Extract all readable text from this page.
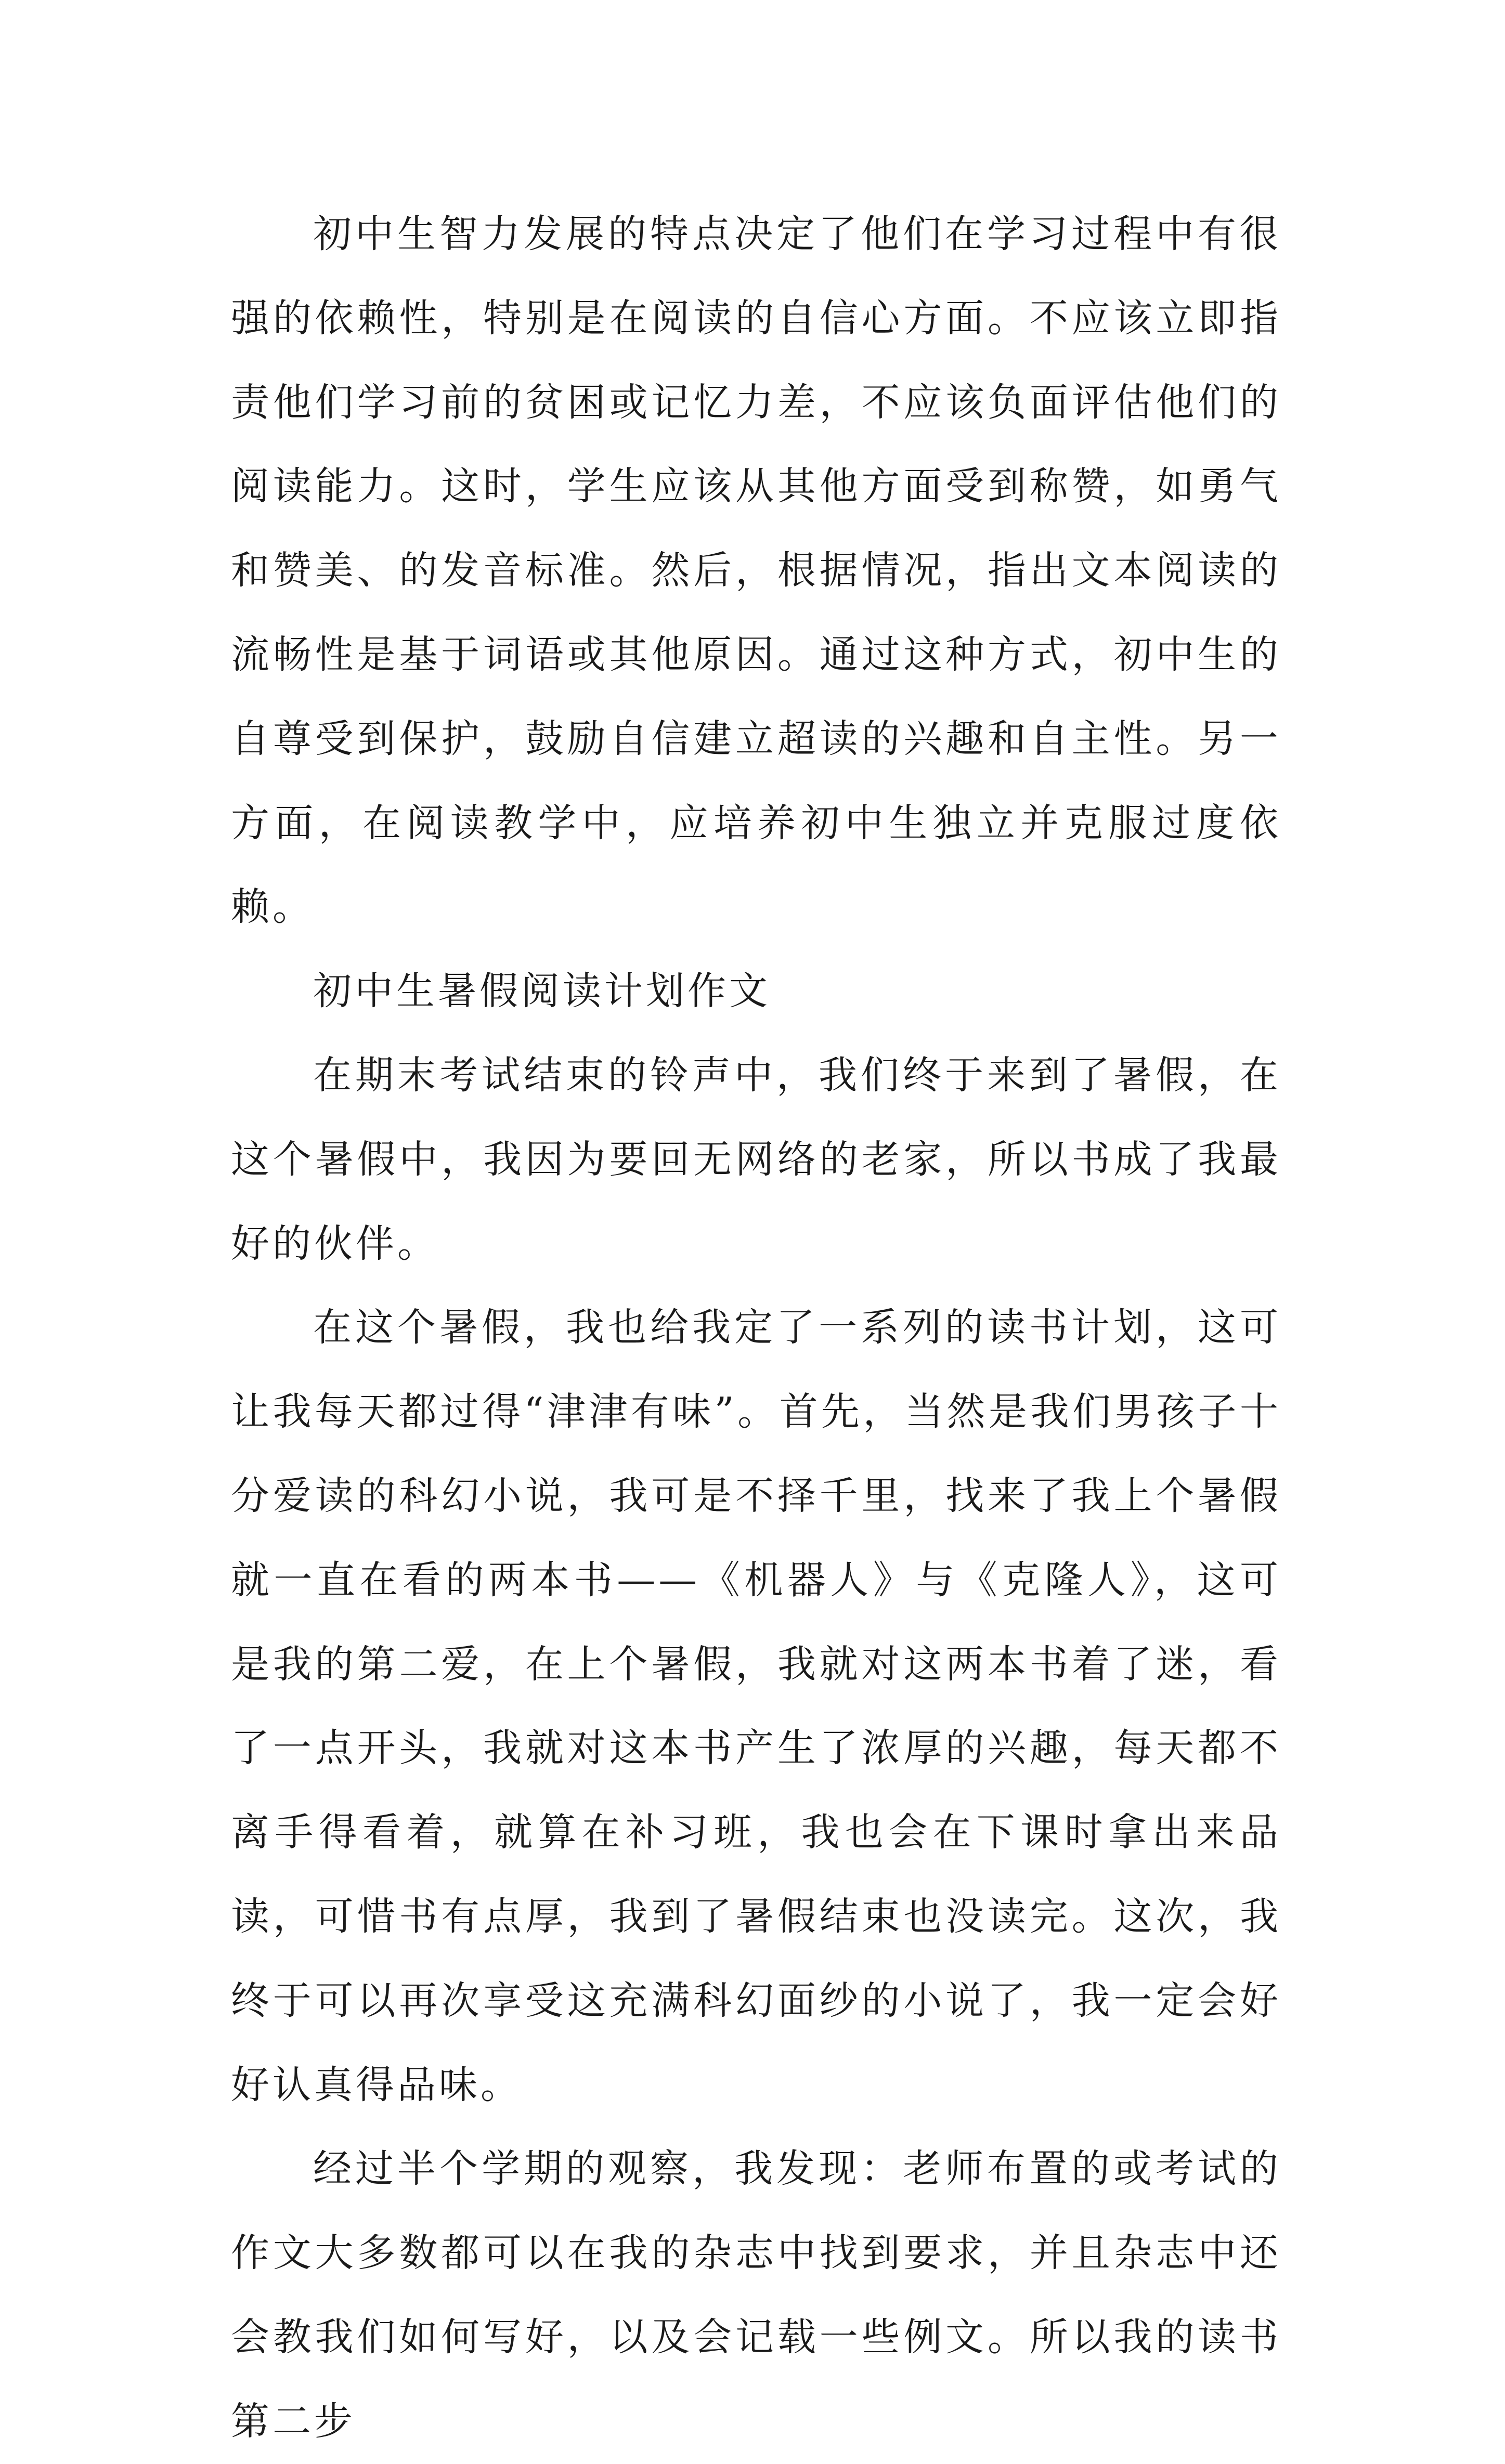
初中生智力发展的特点决定了他们在学习过程中有很强的依赖性，特别是在阅读的自信心方面。不应该立即指责他们学习前的贫困或记忆力差，不应该负面评估他们的阅读能力。这时，学生应该从其他方面受到称赞，如勇气和赞美、的发音标准。然后，根据情况，指出文本阅读的流畅性是基于词语或其他原因。通过这种方式，初中生的自尊受到保护，鼓励自信建立超读的兴趣和自主性。另一方面，在阅读教学中，应培养初中生独立并克服过度依赖。

初中生暑假阅读计划作文

在期末考试结束的铃声中，我们终于来到了暑假，在这个暑假中，我因为要回无网络的老家，所以书成了我最好的伙伴。

在这个暑假，我也给我定了一系列的读书计划，这可让我每天都过得“津津有味”。首先，当然是我们男孩子十分爱读的科幻小说，我可是不择千里，找来了我上个暑假就一直在看的两本书——《机器人》与《克隆人》，这可是我的第二爱，在上个暑假，我就对这两本书着了迷，看了一点开头，我就对这本书产生了浓厚的兴趣，每天都不离手得看着，就算在补习班，我也会在下课时拿出来品读，可惜书有点厚，我到了暑假结束也没读完。这次，我终于可以再次享受这充满科幻面纱的小说了，我一定会好好认真得品味。

经过半个学期的观察，我发现：老师布置的或考试的作文大多数都可以在我的杂志中找到要求，并且杂志中还会教我们如何写好，以及会记载一些例文。所以我的读书第二步
